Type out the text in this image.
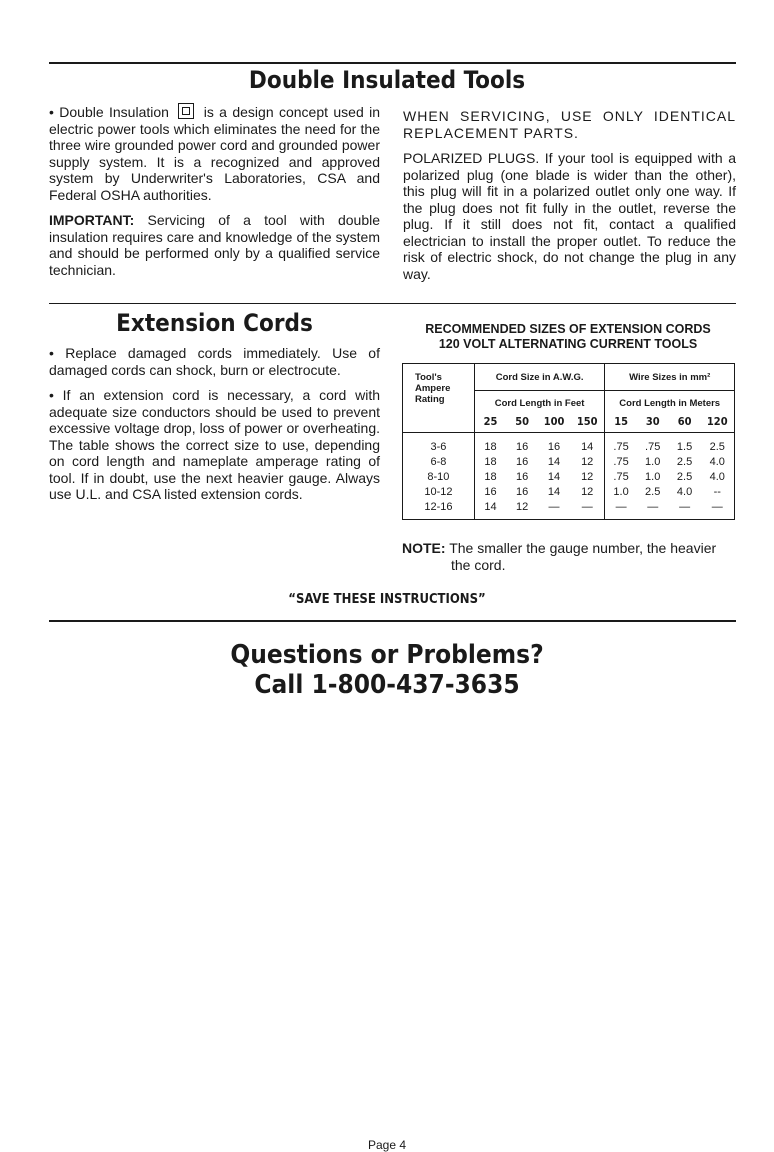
Double Insulated Tools

• Double Insulation is a design concept used in electric power tools which eliminates the need for the three wire grounded power cord and grounded power supply system. It is a recognized and approved system by Underwriter's Laboratories, CSA and Federal OSHA authorities.

IMPORTANT: Servicing of a tool with double insulation requires care and knowledge of the system and should be performed only by a qualified service technician.

WHEN SERVICING, USE ONLY IDENTICAL REPLACEMENT PARTS.

POLARIZED PLUGS. If your tool is equipped with a polarized plug (one blade is wider than the other), this plug will fit in a polarized outlet only one way. If the plug does not fit fully in the outlet, reverse the plug. If it still does not fit, contact a qualified electrician to install the proper outlet. To reduce the risk of electric shock, do not change the plug in any way.

Extension Cords

• Replace damaged cords immediately. Use of damaged cords can shock, burn or electrocute.

• If an extension cord is necessary, a cord with adequate size conductors should be used to prevent excessive voltage drop, loss of power or overheating. The table shows the correct size to use, depending on cord length and nameplate amperage rating of tool. If in doubt, use the next heavier gauge. Always use U.L. and CSA listed extension cords.

RECOMMENDED SIZES OF EXTENSION CORDS
120 VOLT ALTERNATING CURRENT TOOLS
Tool's
Ampere
Rating	Cord Size in A.W.G.				Wire Sizes in mm²			
	Cord Length in Feet				Cord Length in Meters			
	25	50	100	150	15	30	60	120
3-6	18	16	16	14	.75	.75	1.5	2.5
6-8	18	16	14	12	.75	1.0	2.5	4.0
8-10	18	16	14	12	.75	1.0	2.5	4.0
10-12	16	16	14	12	1.0	2.5	4.0	--
12-16	14	12	—	—	—	—	—	—
NOTE: The smaller the gauge number, the heavier
the cord.
“SAVE THESE INSTRUCTIONS”
Questions or Problems?
Call 1-800-437-3635
Page 4
